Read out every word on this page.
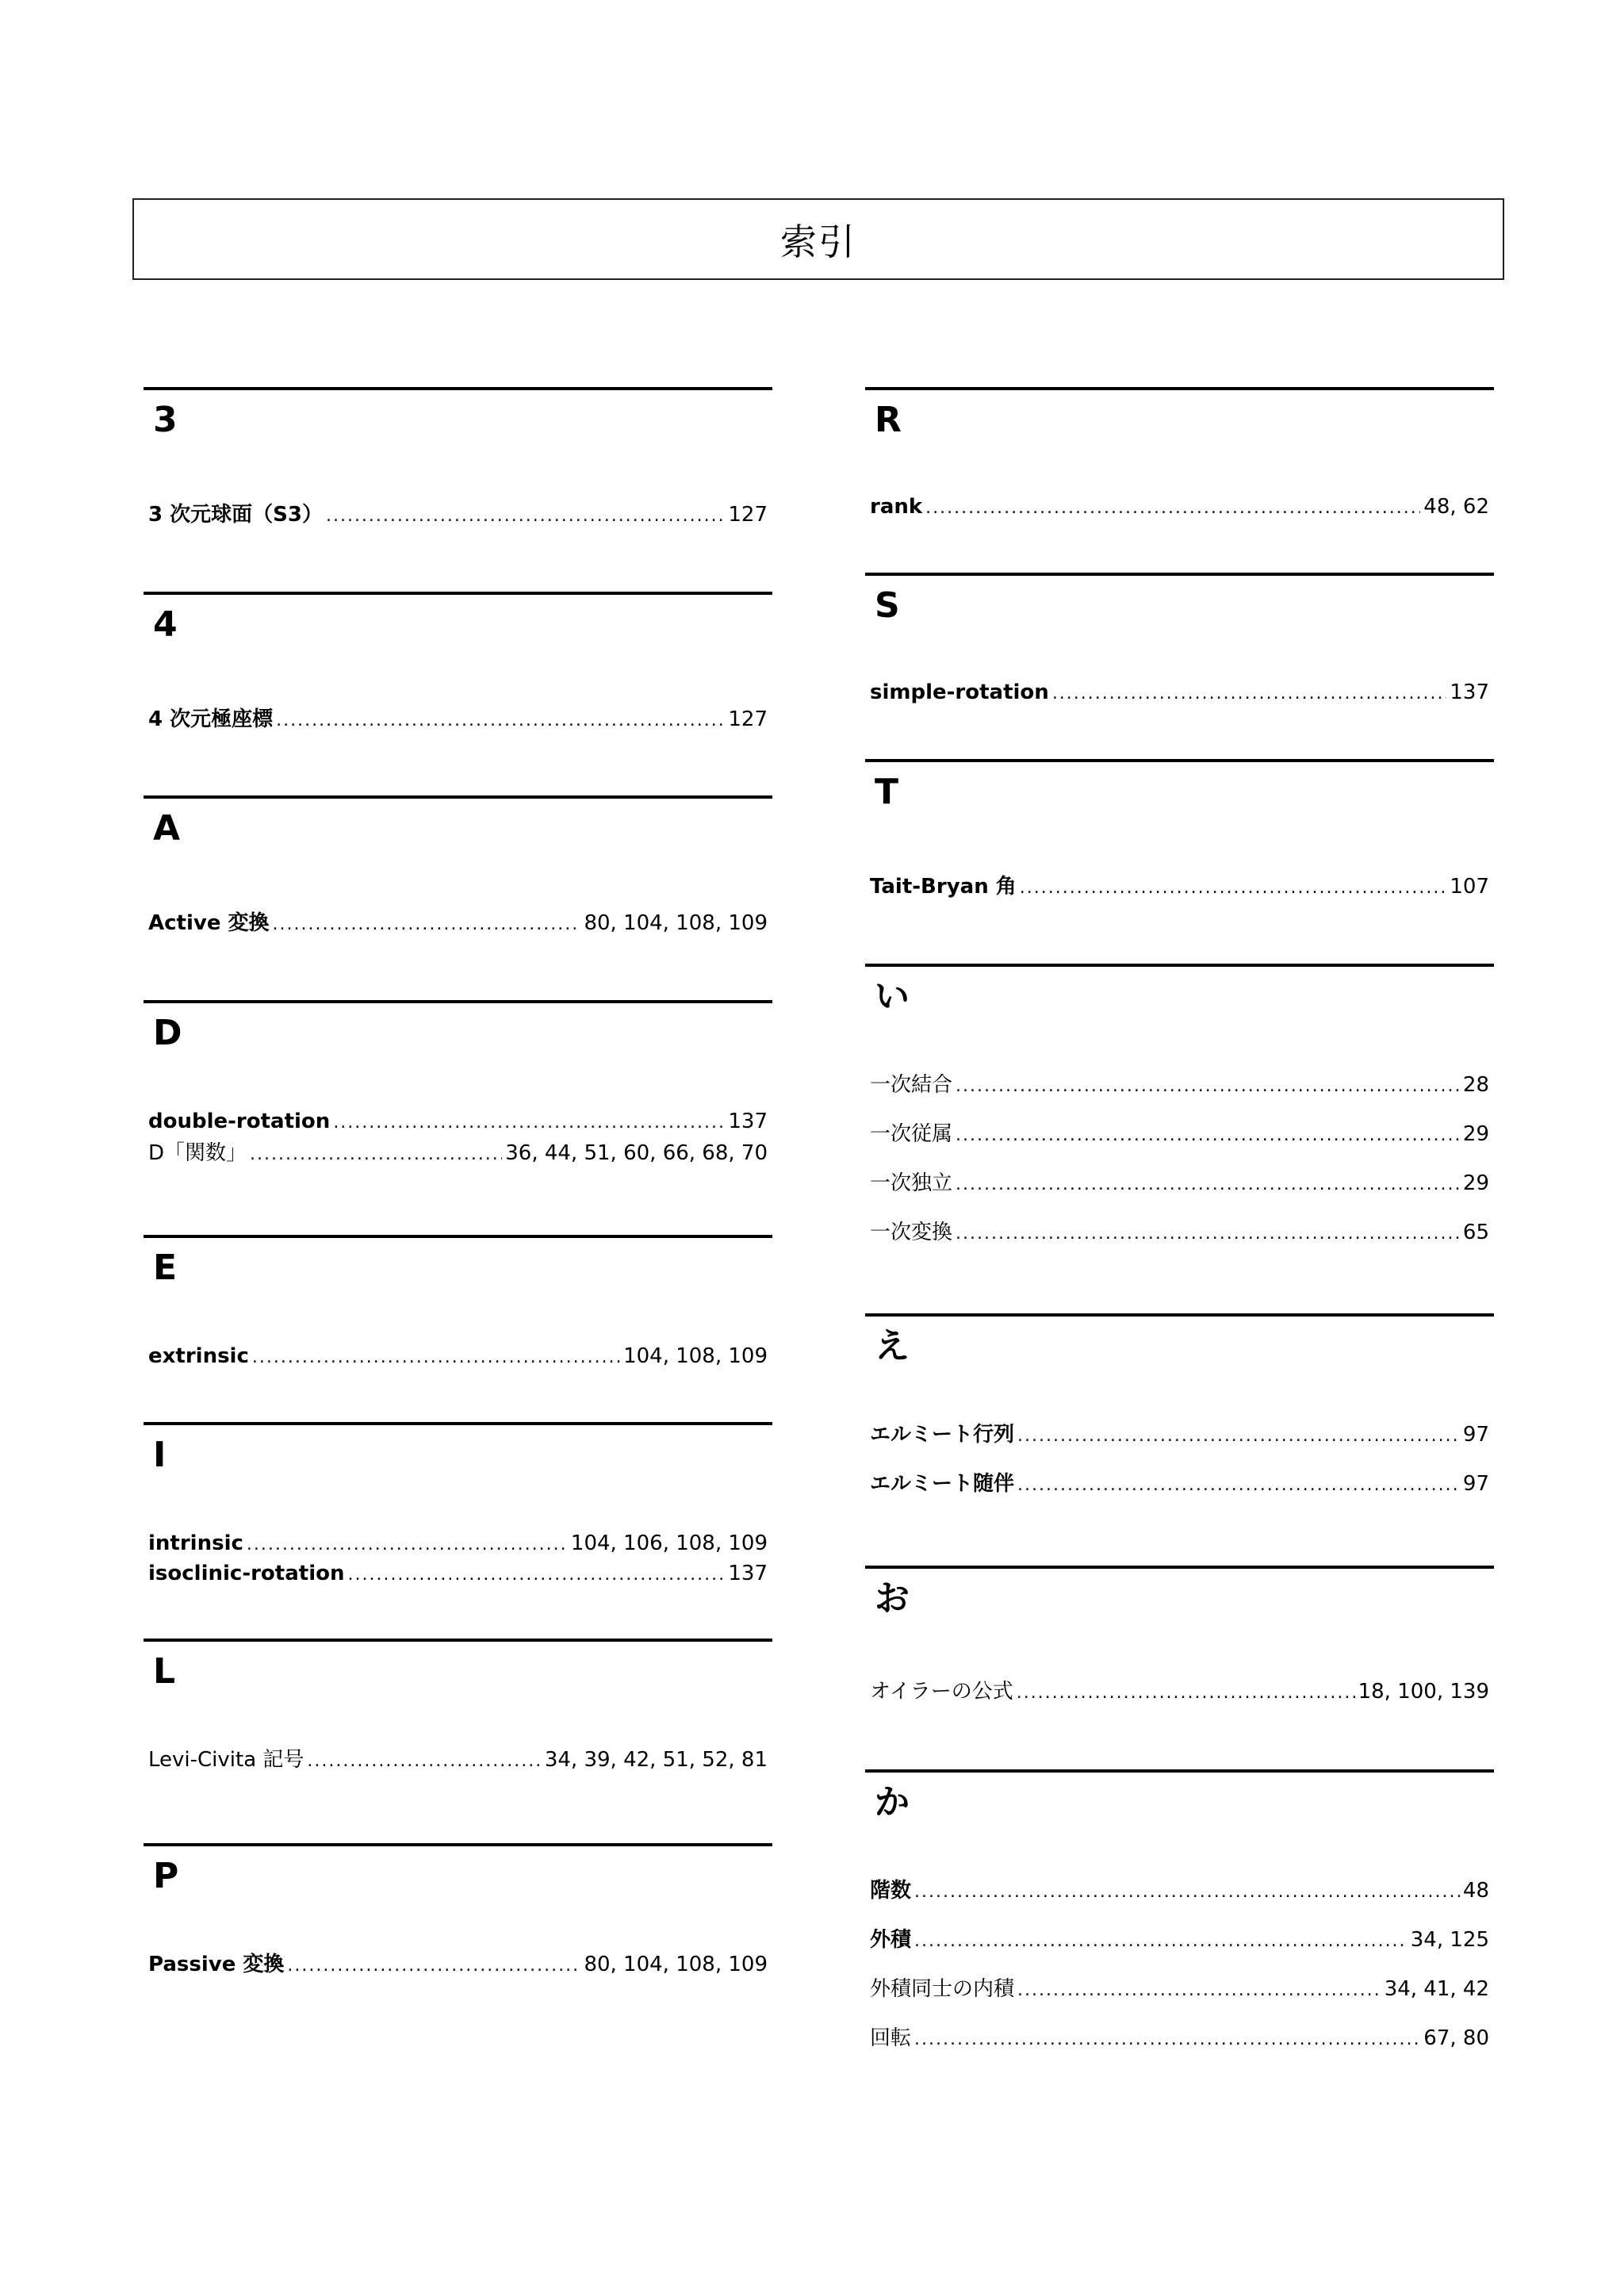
索引
3
3 次元球面（S3） .....	127
4
4 次元極座標 .....	127
A
Active 変換 .....	80, 104, 108, 109
D
double-rotation .....	137
D「関数」 .....	36, 44, 51, 60, 66, 68, 70
E
extrinsic .....	104, 108, 109
I
intrinsic .....	104, 106, 108, 109
isoclinic-rotation .....	137
L
Levi-Civita 記号 .....	34, 39, 42, 51, 52, 81
P
Passive 変換 .....	80, 104, 108, 109
R
rank .....	48, 62
S
simple-rotation .....	137
T
Tait-Bryan 角 .....	107
い
一次結合 .....	28
一次従属 .....	29
一次独立 .....	29
一次変換 .....	65
え
エルミート行列 .....	97
エルミート随伴 .....	97
お
オイラーの公式 .....	18, 100, 139
か
階数 .....	48
外積 .....	34, 125
外積同士の内積 .....	34, 41, 42
回転 .....	67, 80
